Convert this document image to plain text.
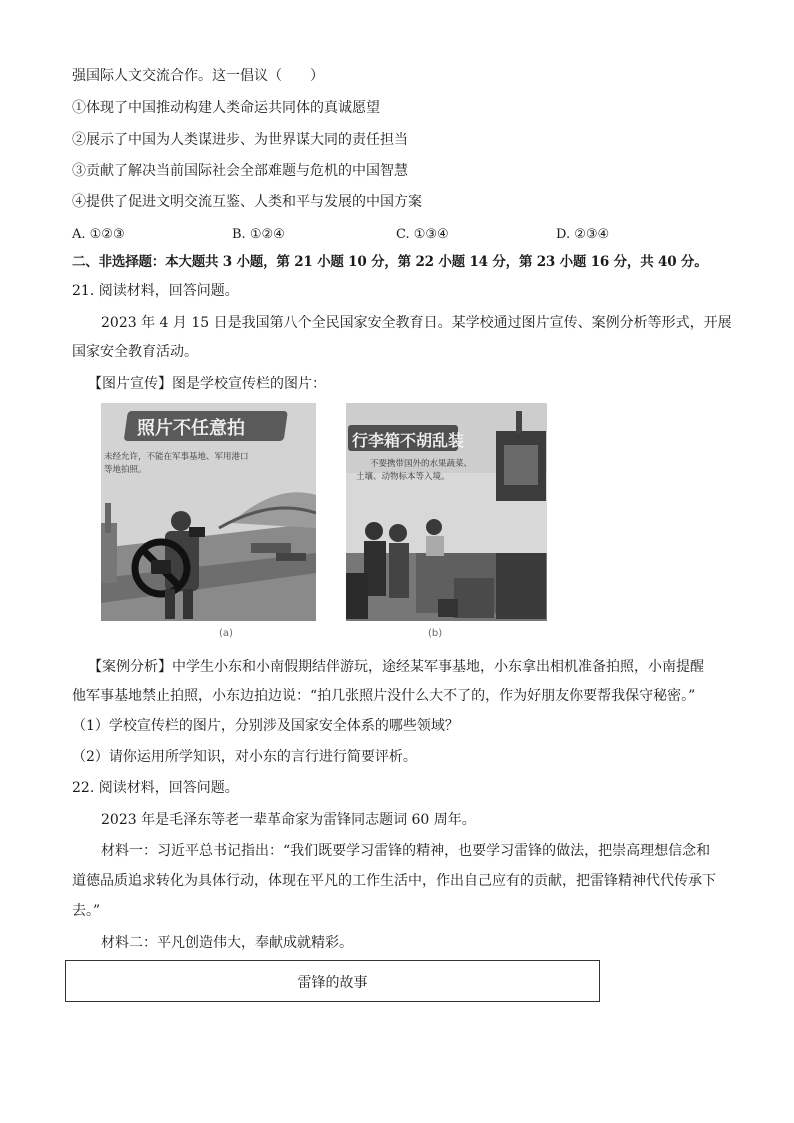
强国际人文交流合作。这一倡议（　　）
①体现了中国推动构建人类命运共同体的真诚愿望
②展示了中国为人类谋进步、为世界谋大同的责任担当
③贡献了解决当前国际社会全部难题与危机的中国智慧
④提供了促进文明交流互鉴、人类和平与发展的中国方案
A. ①②③	B. ①②④	C. ①③④	D. ②③④
二、非选择题：本大题共 3 小题，第 21 小题 10 分，第 22 小题 14 分，第 23 小题 16 分，共 40 分。
21. 阅读材料，回答问题。
2023 年 4 月 15 日是我国第八个全民国家安全教育日。某学校通过图片宣传、案例分析等形式，开展
国家安全教育活动。
【图片宣传】图是学校宣传栏的图片：
照片不任意拍
未经允许，不能在军事基地、军用港口
等地拍照。
(a)
行李箱不胡乱装
不要携带国外的水果蔬菜、
土壤、动物标本等入境。
(b)
【案例分析】中学生小东和小南假期结伴游玩，途经某军事基地，小东拿出相机准备拍照，小南提醒
他军事基地禁止拍照，小东边拍边说：“拍几张照片没什么大不了的，作为好朋友你要帮我保守秘密。”
（1）学校宣传栏的图片，分别涉及国家安全体系的哪些领域？
（2）请你运用所学知识，对小东的言行进行简要评析。
22. 阅读材料，回答问题。
2023 年是毛泽东等老一辈革命家为雷锋同志题词 60 周年。
材料一：习近平总书记指出：“我们既要学习雷锋的精神，也要学习雷锋的做法，把崇高理想信念和
道德品质追求转化为具体行动，体现在平凡的工作生活中，作出自己应有的贡献，把雷锋精神代代传承下
去。”
材料二：平凡创造伟大，奉献成就精彩。
雷锋的故事
